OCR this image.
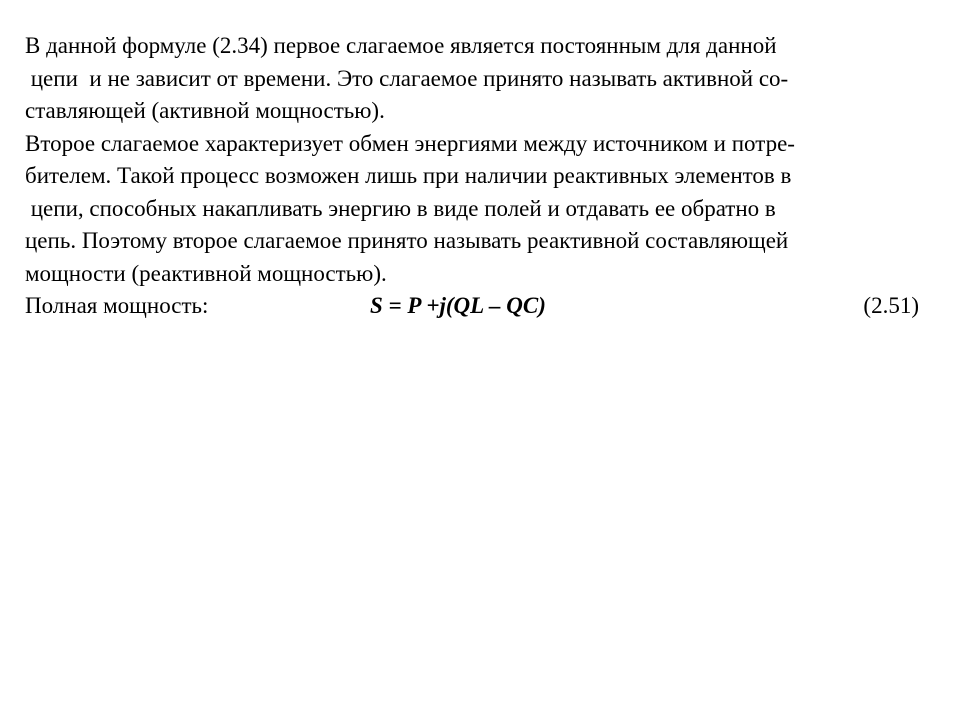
В данной формуле (2.34) первое слагаемое является постоянным для данной
цепи  и не зависит от времени. Это слагаемое принято называть активной со-
ставляющей (активной мощностью).
Второе слагаемое характеризует обмен энергиями между источником и потре-
бителем. Такой процесс возможен лишь при наличии реактивных элементов в
цепи, способных накапливать энергию в виде полей и отдавать ее обратно в
цепь. Поэтому второе слагаемое принято называть реактивной составляющей
мощности (реактивной мощностью).
Полная мощность:	S = P +j(QL – QC)	(2.51)
